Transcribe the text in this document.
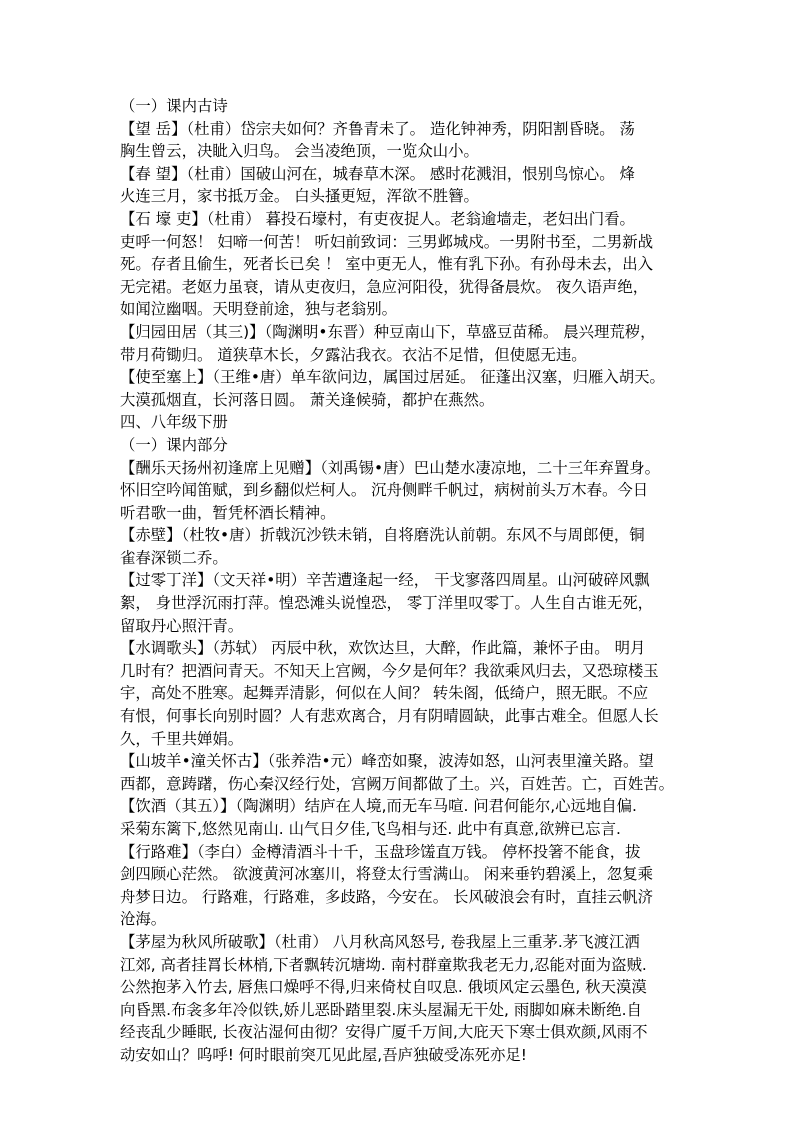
（一）课内古诗
【望 岳】（杜甫）岱宗夫如何？齐鲁青未了。 造化钟神秀，阴阳割昏晓。 荡
胸生曾云，决眦入归鸟。 会当凌绝顶，一览众山小。
【春 望】（杜甫）国破山河在，城春草木深。 感时花溅泪，恨别鸟惊心。 烽
火连三月，家书抵万金。 白头搔更短，浑欲不胜簪。
【石 壕 吏】（杜甫） 暮投石壕村，有吏夜捉人。老翁逾墙走，老妇出门看。
吏呼一何怒！ 妇啼一何苦！ 听妇前致词：三男邺城戍。一男附书至，二男新战
死。存者且偷生，死者长已矣 ！ 室中更无人，惟有乳下孙。有孙母未去，出入
无完裙。老妪力虽衰，请从吏夜归，急应河阳役，犹得备晨炊。 夜久语声绝，
如闻泣幽咽。天明登前途，独与老翁别。
【归园田居（其三)】（陶渊明•东晋）种豆南山下，草盛豆苗稀。 晨兴理荒秽，
带月荷锄归。 道狭草木长，夕露沾我衣。衣沾不足惜，但使愿无违。
【使至塞上】（王维•唐）单车欲问边，属国过居延。 征蓬出汉塞，归雁入胡天。
大漠孤烟直，长河落日圆。 萧关逢候骑，都护在燕然。
四、八年级下册
（一）课内部分
【酬乐天扬州初逢席上见赠】（刘禹锡•唐）巴山楚水凄凉地，二十三年弃置身。
怀旧空吟闻笛赋，到乡翻似烂柯人。 沉舟侧畔千帆过，病树前头万木春。今日
听君歌一曲，暂凭杯酒长精神。
【赤壁】（杜牧•唐）折戟沉沙铁未销，自将磨洗认前朝。东风不与周郎便，铜
雀春深锁二乔。
【过零丁洋】（文天祥•明）辛苦遭逢起一经， 干戈寥落四周星。山河破碎风飘
絮， 身世浮沉雨打萍。惶恐滩头说惶恐， 零丁洋里叹零丁。人生自古谁无死，
留取丹心照汗青。
【水调歌头】（苏轼） 丙辰中秋，欢饮达旦，大醉，作此篇，兼怀子由。 明月
几时有？把酒问青天。不知天上宫阙，今夕是何年？我欲乘风归去，又恐琼楼玉
宇，高处不胜寒。起舞弄清影，何似在人间？ 转朱阁，低绮户，照无眠。不应
有恨，何事长向别时圆？人有悲欢离合，月有阴晴圆缺，此事古难全。但愿人长
久，千里共婵娟。
【山坡羊•潼关怀古】（张养浩•元）峰峦如聚，波涛如怒，山河表里潼关路。望
西都，意踌躇，伤心秦汉经行处，宫阙万间都做了土。兴，百姓苦。亡，百姓苦。
【饮酒（其五）】（陶渊明）结庐在人境,而无车马喧. 问君何能尔,心远地自偏.
采菊东篱下,悠然见南山. 山气日夕佳,飞鸟相与还. 此中有真意,欲辨已忘言.
【行路难】（李白）金樽清酒斗十千，玉盘珍馐直万钱。 停杯投箸不能食，拔
剑四顾心茫然。 欲渡黄河冰塞川，将登太行雪满山。 闲来垂钓碧溪上，忽复乘
舟梦日边。 行路难，行路难，多歧路，今安在。 长风破浪会有时，直挂云帆济
沧海。
【茅屋为秋风所破歌】（杜甫） 八月秋高风怒号, 卷我屋上三重茅.茅飞渡江洒
江郊, 高者挂罥长林梢,下者飘转沉塘坳. 南村群童欺我老无力,忍能对面为盗贼.
公然抱茅入竹去, 唇焦口燥呼不得,归来倚杖自叹息. 俄顷风定云墨色, 秋天漠漠
向昏黑.布衾多年冷似铁,娇儿恶卧踏里裂.床头屋漏无干处, 雨脚如麻未断绝.自
经丧乱少睡眠, 长夜沾湿何由彻？安得广厦千万间,大庇天下寒士俱欢颜,风雨不
动安如山？呜呼! 何时眼前突兀见此屋,吾庐独破受冻死亦足!
